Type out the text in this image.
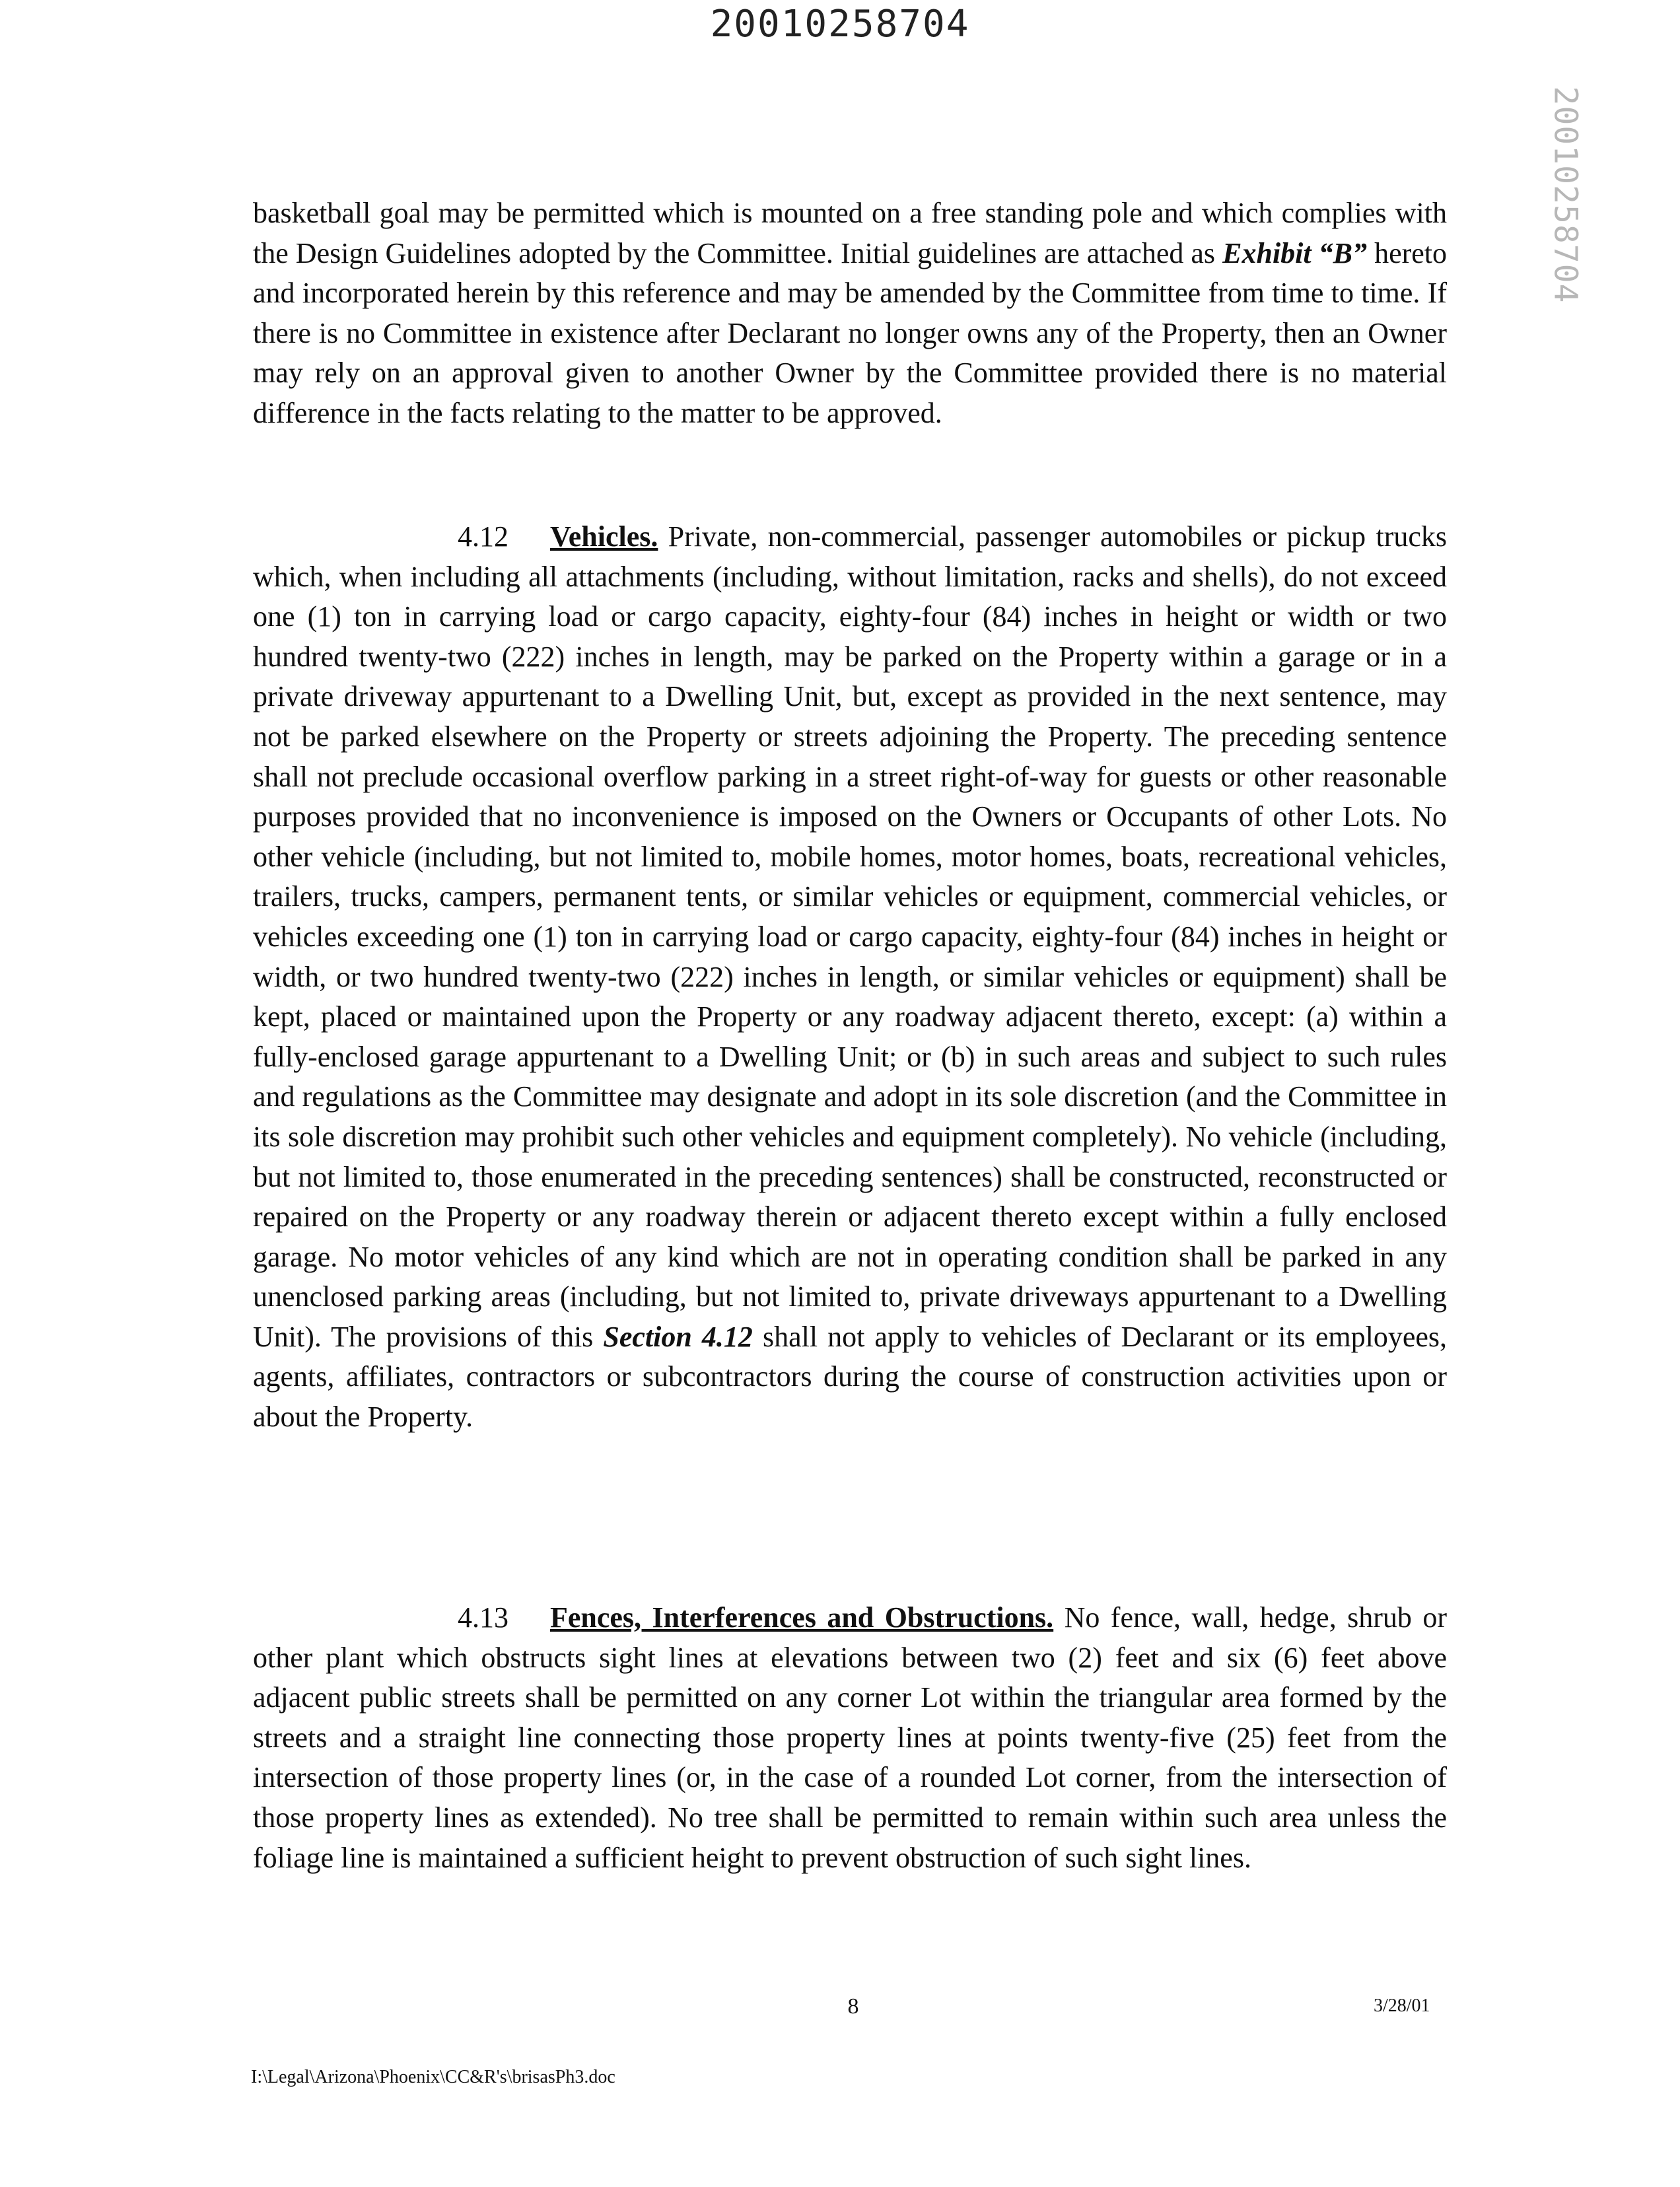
20010258704
20010258704
basketball goal may be permitted which is mounted on a free standing pole and which complies with the Design Guidelines adopted by the Committee. Initial guidelines are attached as Exhibit “B” hereto and incorporated herein by this reference and may be amended by the Committee from time to time. If there is no Committee in existence after Declarant no longer owns any of the Property, then an Owner may rely on an approval given to another Owner by the Committee provided there is no material difference in the facts relating to the matter to be approved.
4.12 Vehicles. Private, non-commercial, passenger automobiles or pickup trucks which, when including all attachments (including, without limitation, racks and shells), do not exceed one (1) ton in carrying load or cargo capacity, eighty-four (84) inches in height or width or two hundred twenty-two (222) inches in length, may be parked on the Property within a garage or in a private driveway appurtenant to a Dwelling Unit, but, except as provided in the next sentence, may not be parked elsewhere on the Property or streets adjoining the Property. The preceding sentence shall not preclude occasional overflow parking in a street right-of-way for guests or other reasonable purposes provided that no inconvenience is imposed on the Owners or Occupants of other Lots. No other vehicle (including, but not limited to, mobile homes, motor homes, boats, recreational vehicles, trailers, trucks, campers, permanent tents, or similar vehicles or equipment, commercial vehicles, or vehicles exceeding one (1) ton in carrying load or cargo capacity, eighty-four (84) inches in height or width, or two hundred twenty-two (222) inches in length, or similar vehicles or equipment) shall be kept, placed or maintained upon the Property or any roadway adjacent thereto, except: (a) within a fully-enclosed garage appurtenant to a Dwelling Unit; or (b) in such areas and subject to such rules and regulations as the Committee may designate and adopt in its sole discretion (and the Committee in its sole discretion may prohibit such other vehicles and equipment completely). No vehicle (including, but not limited to, those enumerated in the preceding sentences) shall be constructed, reconstructed or repaired on the Property or any roadway therein or adjacent thereto except within a fully enclosed garage. No motor vehicles of any kind which are not in operating condition shall be parked in any unenclosed parking areas (including, but not limited to, private driveways appurtenant to a Dwelling Unit). The provisions of this Section 4.12 shall not apply to vehicles of Declarant or its employees, agents, affiliates, contractors or subcontractors during the course of construction activities upon or about the Property.
4.13 Fences, Interferences and Obstructions. No fence, wall, hedge, shrub or other plant which obstructs sight lines at elevations between two (2) feet and six (6) feet above adjacent public streets shall be permitted on any corner Lot within the triangular area formed by the streets and a straight line connecting those property lines at points twenty-five (25) feet from the intersection of those property lines (or, in the case of a rounded Lot corner, from the intersection of those property lines as extended). No tree shall be permitted to remain within such area unless the foliage line is maintained a sufficient height to prevent obstruction of such sight lines.
8	3/28/01
I:\Legal\Arizona\Phoenix\CC&R's\brisasPh3.doc
